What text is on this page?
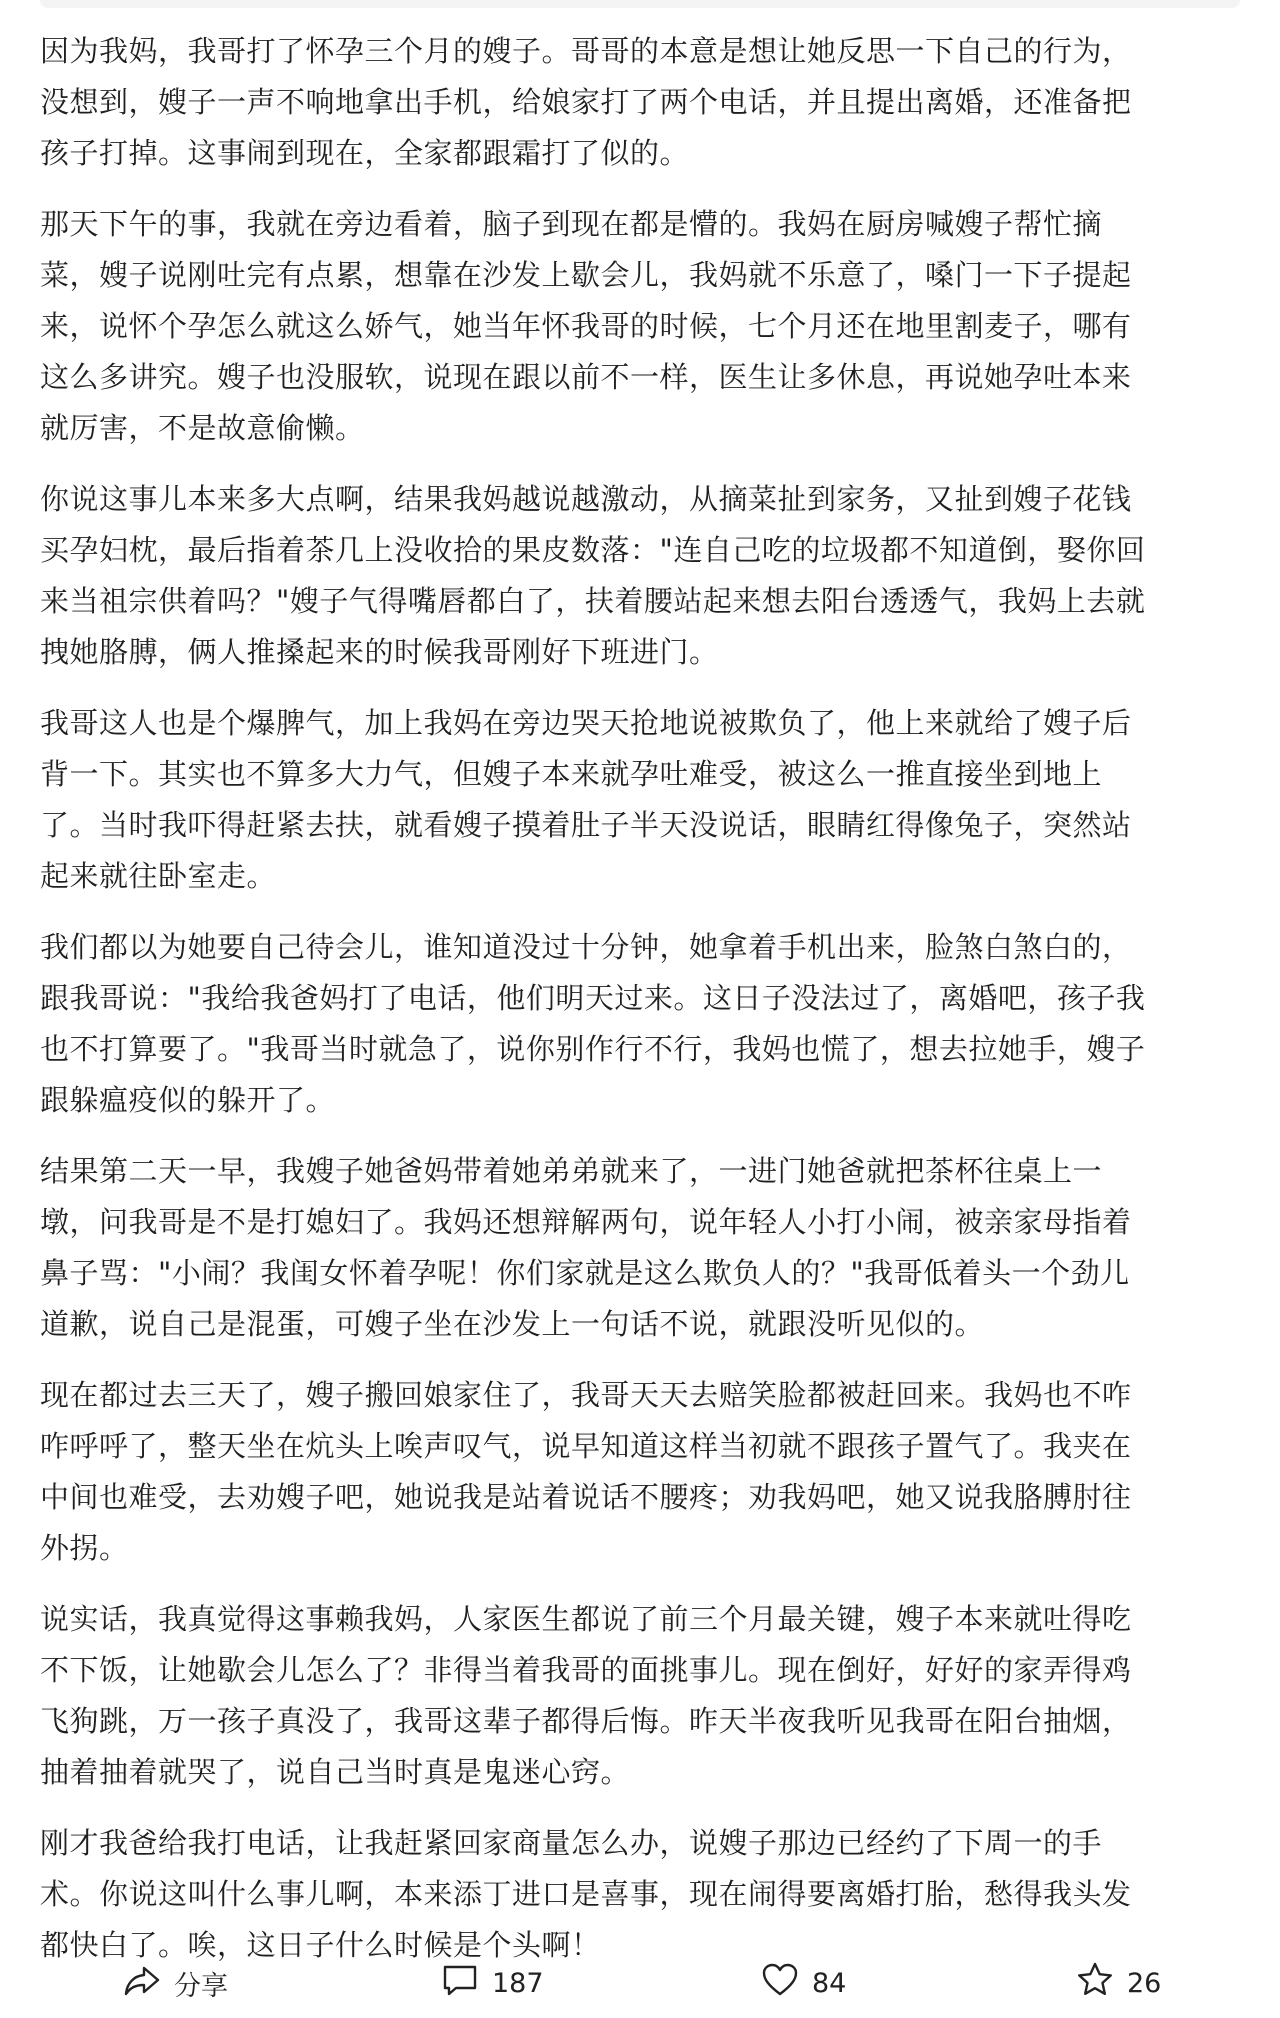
因为我妈，我哥打了怀孕三个月的嫂子。哥哥的本意是想让她反思一下自己的行为，
没想到，嫂子一声不响地拿出手机，给娘家打了两个电话，并且提出离婚，还准备把
孩子打掉。这事闹到现在，全家都跟霜打了似的。

那天下午的事，我就在旁边看着，脑子到现在都是懵的。我妈在厨房喊嫂子帮忙摘
菜，嫂子说刚吐完有点累，想靠在沙发上歇会儿，我妈就不乐意了，嗓门一下子提起
来，说怀个孕怎么就这么娇气，她当年怀我哥的时候，七个月还在地里割麦子，哪有
这么多讲究。嫂子也没服软，说现在跟以前不一样，医生让多休息，再说她孕吐本来
就厉害，不是故意偷懒。

你说这事儿本来多大点啊，结果我妈越说越激动，从摘菜扯到家务，又扯到嫂子花钱
买孕妇枕，最后指着茶几上没收拾的果皮数落："连自己吃的垃圾都不知道倒，娶你回
来当祖宗供着吗？"嫂子气得嘴唇都白了，扶着腰站起来想去阳台透透气，我妈上去就
拽她胳膊，俩人推搡起来的时候我哥刚好下班进门。

我哥这人也是个爆脾气，加上我妈在旁边哭天抢地说被欺负了，他上来就给了嫂子后
背一下。其实也不算多大力气，但嫂子本来就孕吐难受，被这么一推直接坐到地上
了。当时我吓得赶紧去扶，就看嫂子摸着肚子半天没说话，眼睛红得像兔子，突然站
起来就往卧室走。

我们都以为她要自己待会儿，谁知道没过十分钟，她拿着手机出来，脸煞白煞白的，
跟我哥说："我给我爸妈打了电话，他们明天过来。这日子没法过了，离婚吧，孩子我
也不打算要了。"我哥当时就急了，说你别作行不行，我妈也慌了，想去拉她手，嫂子
跟躲瘟疫似的躲开了。

结果第二天一早，我嫂子她爸妈带着她弟弟就来了，一进门她爸就把茶杯往桌上一
墩，问我哥是不是打媳妇了。我妈还想辩解两句，说年轻人小打小闹，被亲家母指着
鼻子骂："小闹？我闺女怀着孕呢！你们家就是这么欺负人的？"我哥低着头一个劲儿
道歉，说自己是混蛋，可嫂子坐在沙发上一句话不说，就跟没听见似的。

现在都过去三天了，嫂子搬回娘家住了，我哥天天去赔笑脸都被赶回来。我妈也不咋
咋呼呼了，整天坐在炕头上唉声叹气，说早知道这样当初就不跟孩子置气了。我夹在
中间也难受，去劝嫂子吧，她说我是站着说话不腰疼；劝我妈吧，她又说我胳膊肘往
外拐。

说实话，我真觉得这事赖我妈，人家医生都说了前三个月最关键，嫂子本来就吐得吃
不下饭，让她歇会儿怎么了？非得当着我哥的面挑事儿。现在倒好，好好的家弄得鸡
飞狗跳，万一孩子真没了，我哥这辈子都得后悔。昨天半夜我听见我哥在阳台抽烟，
抽着抽着就哭了，说自己当时真是鬼迷心窍。

刚才我爸给我打电话，让我赶紧回家商量怎么办，说嫂子那边已经约了下周一的手
术。你说这叫什么事儿啊，本来添丁进口是喜事，现在闹得要离婚打胎，愁得我头发
都快白了。唉，这日子什么时候是个头啊！

分享	187	84	26
